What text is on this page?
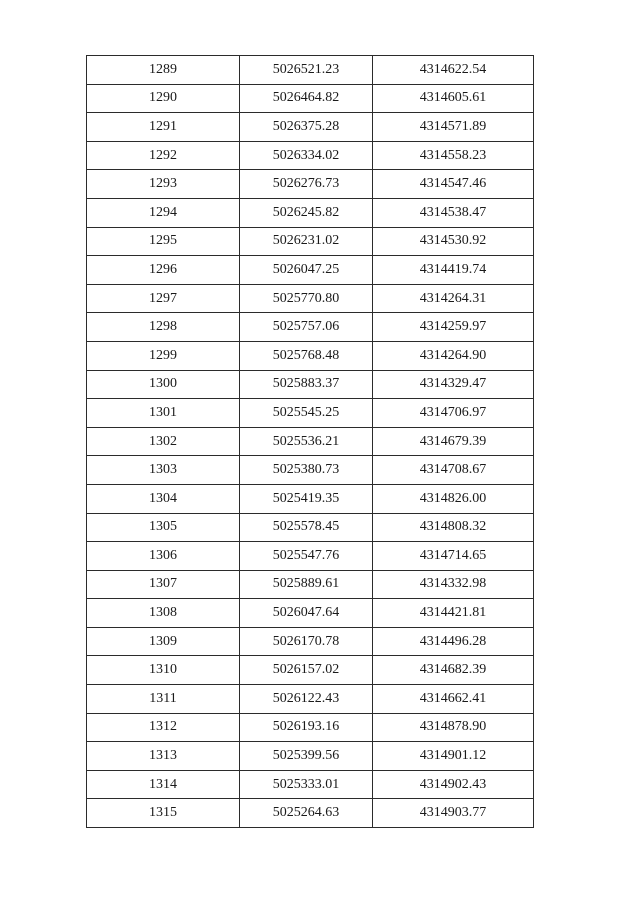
1289	5026521.23	4314622.54
1290	5026464.82	4314605.61
1291	5026375.28	4314571.89
1292	5026334.02	4314558.23
1293	5026276.73	4314547.46
1294	5026245.82	4314538.47
1295	5026231.02	4314530.92
1296	5026047.25	4314419.74
1297	5025770.80	4314264.31
1298	5025757.06	4314259.97
1299	5025768.48	4314264.90
1300	5025883.37	4314329.47
1301	5025545.25	4314706.97
1302	5025536.21	4314679.39
1303	5025380.73	4314708.67
1304	5025419.35	4314826.00
1305	5025578.45	4314808.32
1306	5025547.76	4314714.65
1307	5025889.61	4314332.98
1308	5026047.64	4314421.81
1309	5026170.78	4314496.28
1310	5026157.02	4314682.39
1311	5026122.43	4314662.41
1312	5026193.16	4314878.90
1313	5025399.56	4314901.12
1314	5025333.01	4314902.43
1315	5025264.63	4314903.77
